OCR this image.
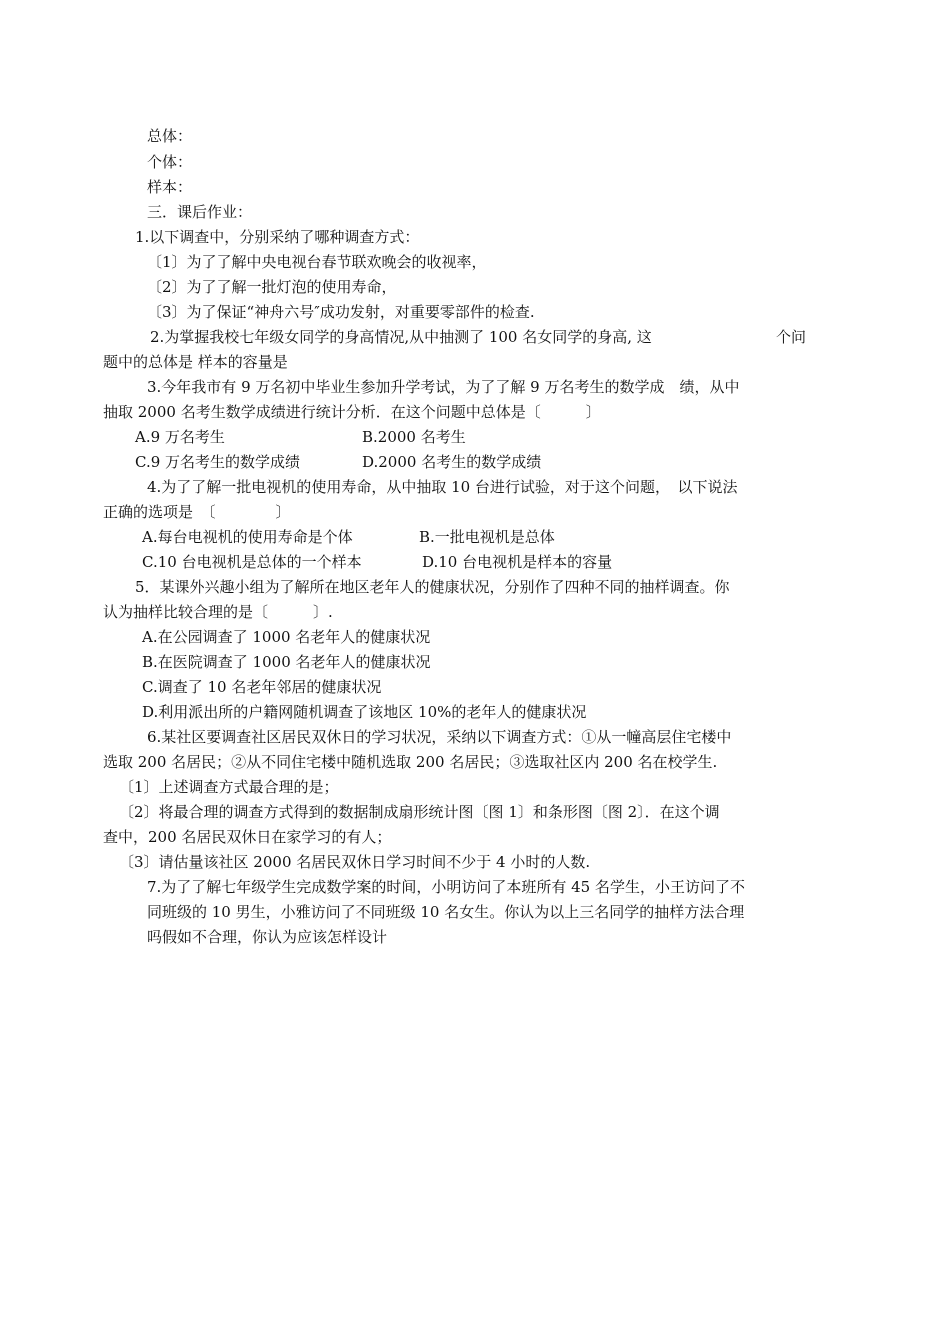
总体：
个体：
样本：
三．课后作业：
1.以下调查中，分别采纳了哪种调查方式：
〔1〕为了了解中央电视台春节联欢晚会的收视率，
〔2〕为了了解一批灯泡的使用寿命，
〔3〕为了保证“神舟六号″成功发射，对重要零部件的检查.
2.为掌握我校七年级女同学的身高情况,从中抽测了 100 名女同学的身高, 这	个问
题中的总体是 样本的容量是
3.今年我市有 9 万名初中毕业生参加升学考试，为了了解 9 万名考生的数学成　绩，从中
抽取 2000 名考生数学成绩进行统计分析．在这个问题中总体是〔　　　〕
A.9 万名考生	B.2000 名考生
C.9 万名考生的数学成绩	D.2000 名考生的数学成绩
4.为了了解一批电视机的使用寿命，从中抽取 10 台进行试验，对于这个问题，　以下说法
正确的选项是　〔　　　　〕
A.每台电视机的使用寿命是个体	B.一批电视机是总体
C.10 台电视机是总体的一个样本	D.10 台电视机是样本的容量
5．某课外兴趣小组为了解所在地区老年人的健康状况，分别作了四种不同的抽样调查。你
认为抽样比较合理的是〔　　　〕.
A.在公园调查了 1000 名老年人的健康状况
B.在医院调查了 1000 名老年人的健康状况
C.调查了 10 名老年邻居的健康状况
D.利用派出所的户籍网随机调查了该地区 10%的老年人的健康状况
6.某社区要调查社区居民双休日的学习状况，采纳以下调查方式：①从一幢高层住宅楼中
选取 200 名居民；②从不同住宅楼中随机选取 200 名居民；③选取社区内 200 名在校学生.
〔1〕上述调查方式最合理的是；
〔2〕将最合理的调查方式得到的数据制成扇形统计图〔图 1〕和条形图〔图 2〕．在这个调
查中，200 名居民双休日在家学习的有人；
〔3〕请估量该社区 2000 名居民双休日学习时间不少于 4 小时的人数.
7.为了了解七年级学生完成数学案的时间，小明访问了本班所有 45 名学生，小王访问了不
同班级的 10 男生，小雅访问了不同班级 10 名女生。你认为以上三名同学的抽样方法合理
吗假如不合理，你认为应该怎样设计
